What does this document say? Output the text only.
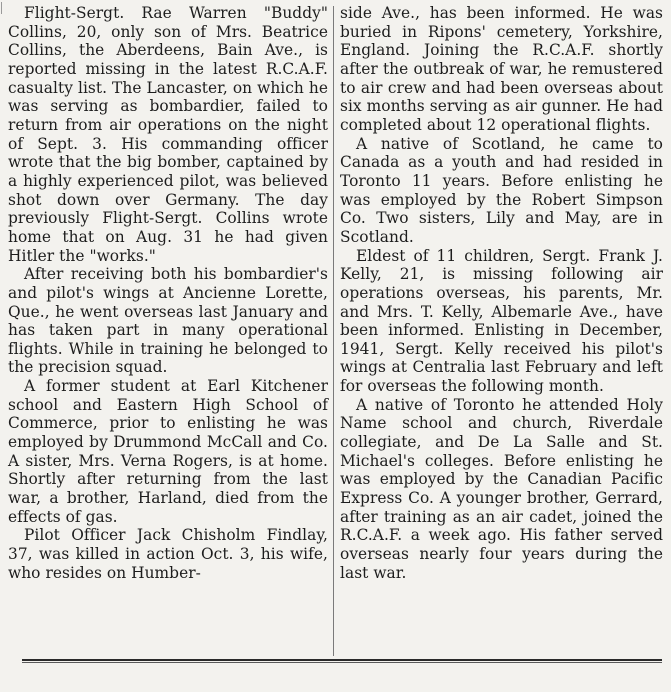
Flight-Sergt. Rae Warren "Buddy" Collins, 20, only son of Mrs. Beatrice Collins, the Aberdeens, Bain Ave., is reported missing in the latest R.C.A.F. casualty list. The Lancaster, on which he was serving as bombardier, failed to return from air operations on the night of Sept. 3. His commanding officer wrote that the big bomber, captained by a highly experienced pilot, was believed shot down over Germany. The day previously Flight-Sergt. Collins wrote home that on Aug. 31 he had given Hitler the "works."

After receiving both his bombardier's and pilot's wings at Ancienne Lorette, Que., he went overseas last January and has taken part in many operational flights. While in training he belonged to the precision squad.

A former student at Earl Kitchener school and Eastern High School of Commerce, prior to enlisting he was employed by Drummond McCall and Co. A sister, Mrs. Verna Rogers, is at home. Shortly after returning from the last war, a brother, Harland, died from the effects of gas.

Pilot Officer Jack Chisholm Findlay, 37, was killed in action Oct. 3, his wife, who resides on Humber-

side Ave., has been informed. He was buried in Ripons' cemetery, Yorkshire, England. Joining the R.C.A.F. shortly after the outbreak of war, he remustered to air crew and had been overseas about six months serving as air gunner. He had completed about 12 operational flights.

A native of Scotland, he came to Canada as a youth and had resided in Toronto 11 years. Before enlisting he was employed by the Robert Simpson Co. Two sisters, Lily and May, are in Scotland.

Eldest of 11 children, Sergt. Frank J. Kelly, 21, is missing following air operations overseas, his parents, Mr. and Mrs. T. Kelly, Albemarle Ave., have been informed. Enlisting in December, 1941, Sergt. Kelly received his pilot's wings at Centralia last February and left for overseas the following month.

A native of Toronto he attended Holy Name school and church, Riverdale collegiate, and De La Salle and St. Michael's colleges. Before enlisting he was employed by the Canadian Pacific Express Co. A younger brother, Gerrard, after training as an air cadet, joined the R.C.A.F. a week ago. His father served overseas nearly four years during the last war.
